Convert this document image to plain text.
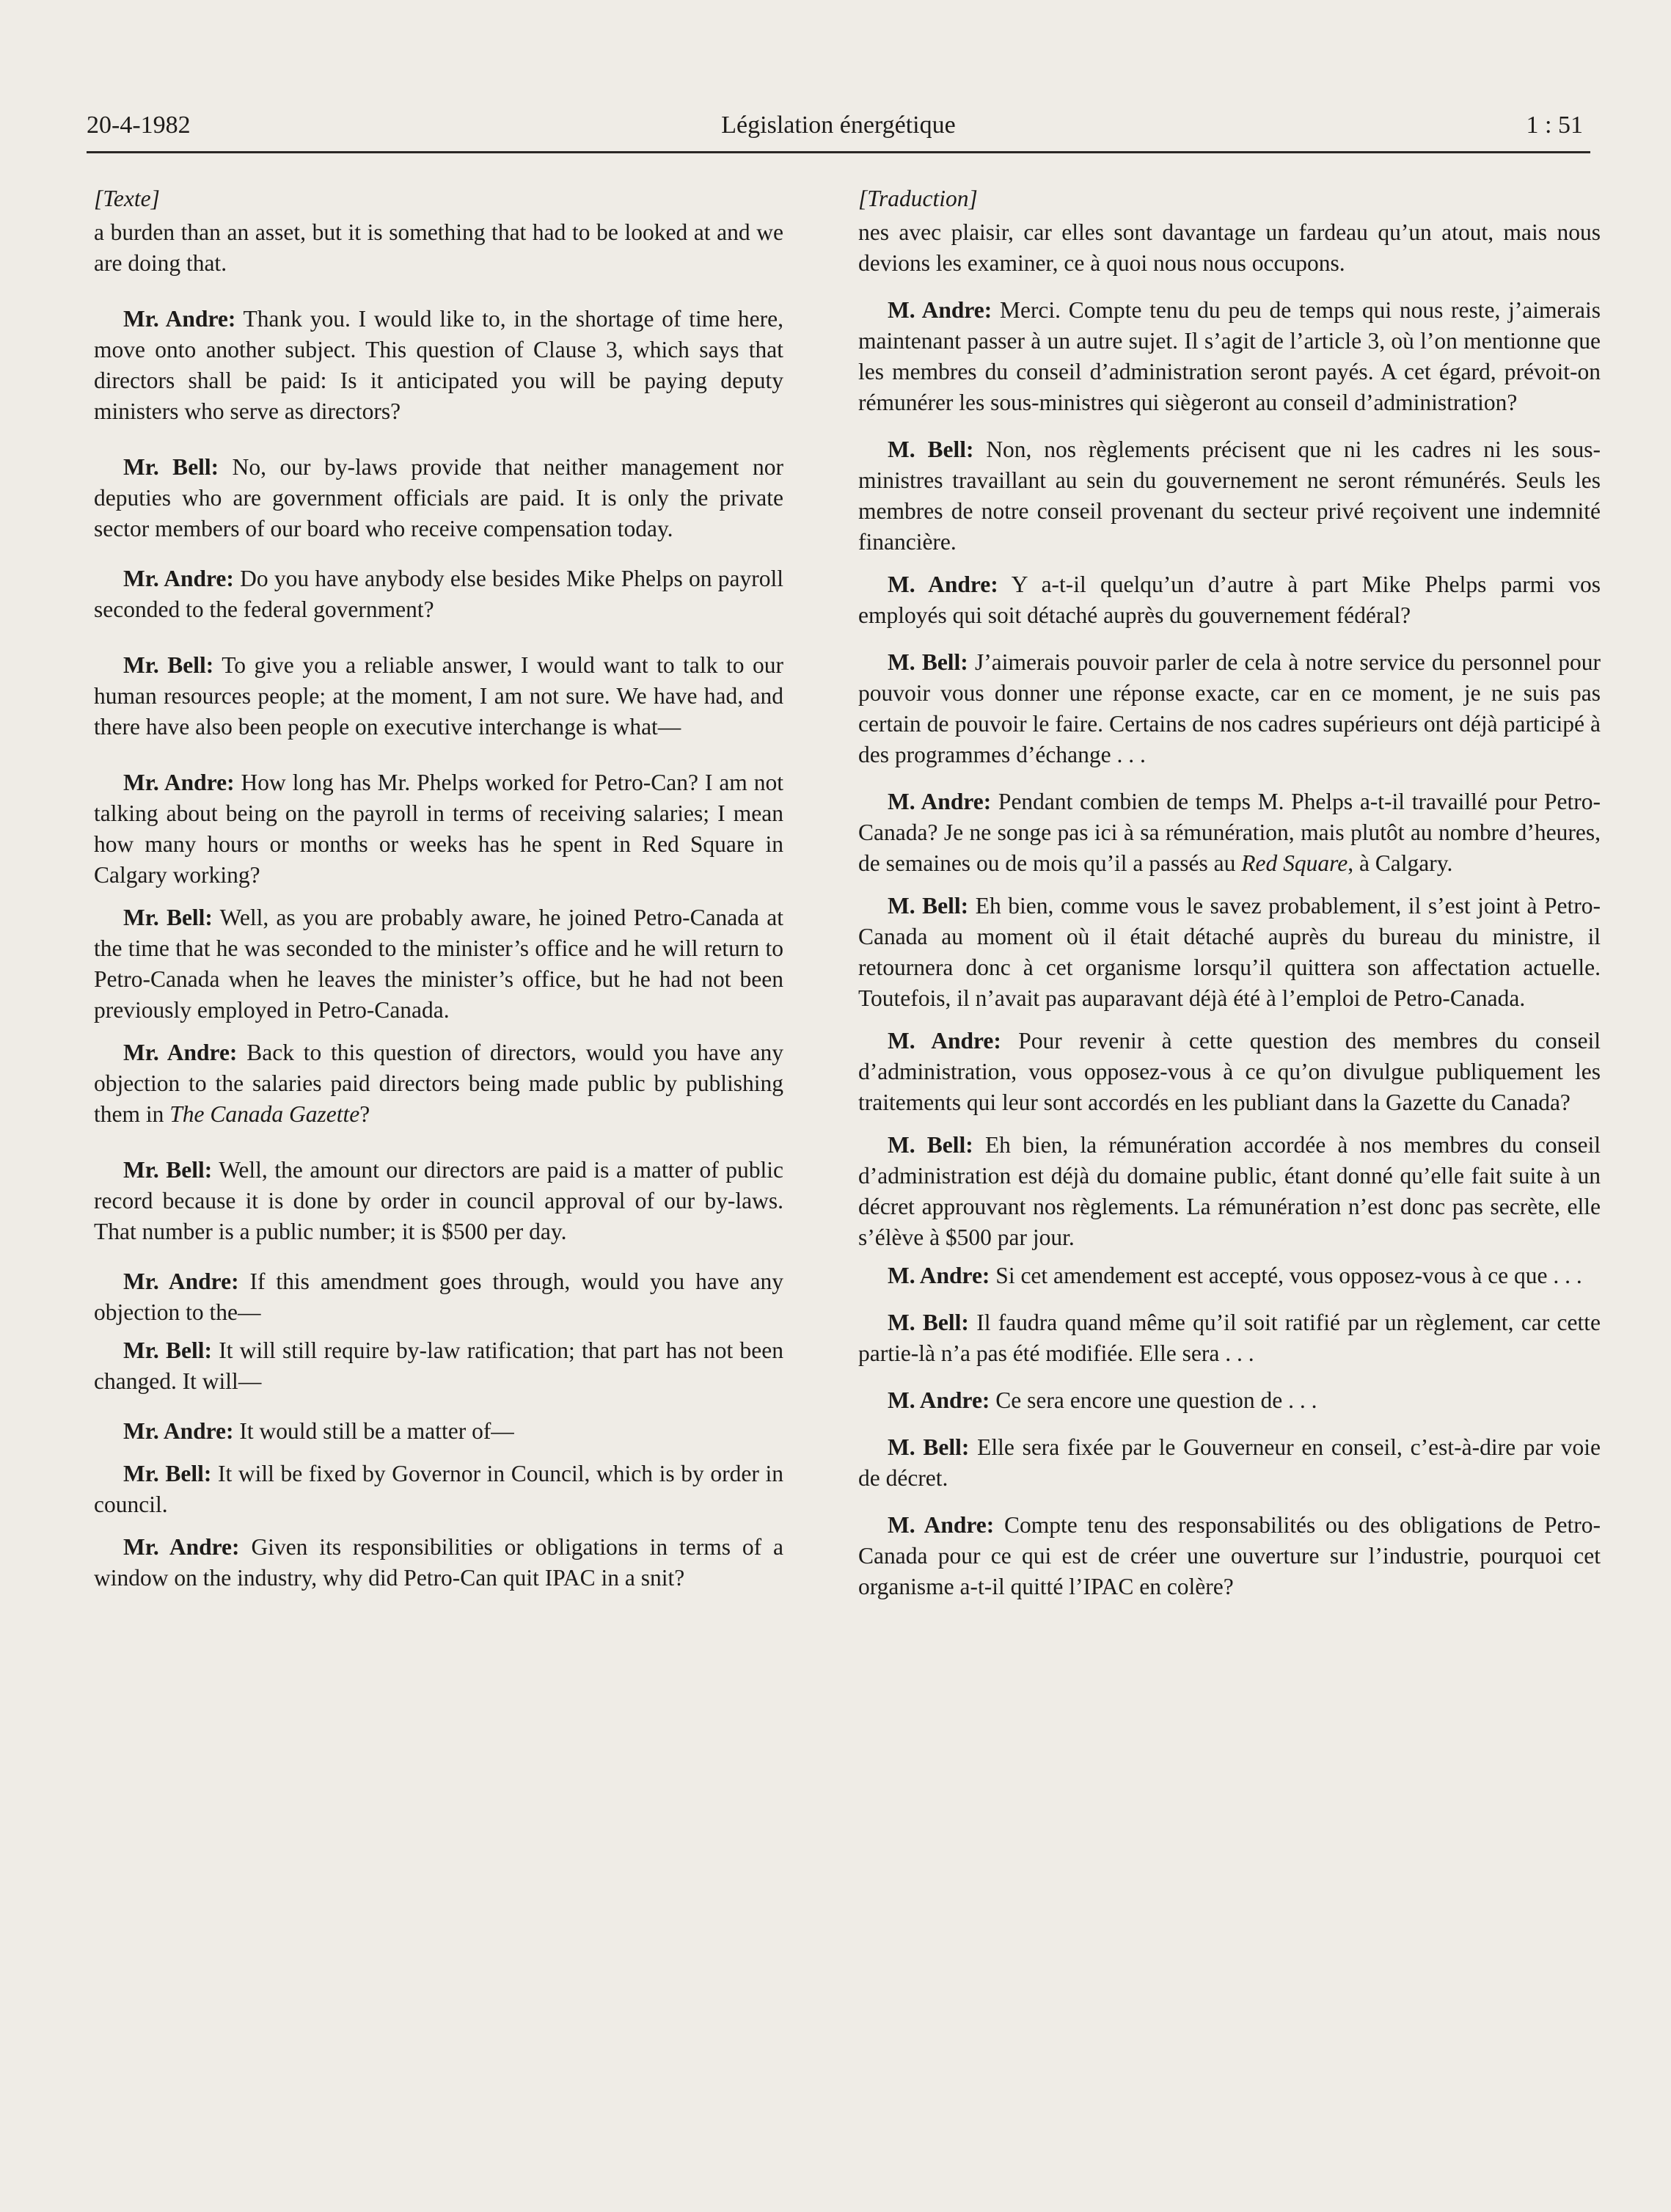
20-4-1982	Législation énergétique	1 : 51

[Texte]

a burden than an asset, but it is something that had to be looked at and we are doing that.

Mr. Andre: Thank you. I would like to, in the shortage of time here, move onto another subject. This question of Clause 3, which says that directors shall be paid: Is it anticipated you will be paying deputy ministers who serve as directors?

Mr. Bell: No, our by-laws provide that neither management nor deputies who are government officials are paid. It is only the private sector members of our board who receive compensation today.

Mr. Andre: Do you have anybody else besides Mike Phelps on payroll seconded to the federal government?

Mr. Bell: To give you a reliable answer, I would want to talk to our human resources people; at the moment, I am not sure. We have had, and there have also been people on executive interchange is what—

Mr. Andre: How long has Mr. Phelps worked for Petro-Can? I am not talking about being on the payroll in terms of receiving salaries; I mean how many hours or months or weeks has he spent in Red Square in Calgary working?

Mr. Bell: Well, as you are probably aware, he joined Petro-Canada at the time that he was seconded to the minister’s office and he will return to Petro-Canada when he leaves the minister’s office, but he had not been previously employed in Petro-Canada.

Mr. Andre: Back to this question of directors, would you have any objection to the salaries paid directors being made public by publishing them in The Canada Gazette?

Mr. Bell: Well, the amount our directors are paid is a matter of public record because it is done by order in council approval of our by-laws. That number is a public number; it is $500 per day.

Mr. Andre: If this amendment goes through, would you have any objection to the—

Mr. Bell: It will still require by-law ratification; that part has not been changed. It will—

Mr. Andre: It would still be a matter of—

Mr. Bell: It will be fixed by Governor in Council, which is by order in council.

Mr. Andre: Given its responsibilities or obligations in terms of a window on the industry, why did Petro-Can quit IPAC in a snit?

[Traduction]

nes avec plaisir, car elles sont davantage un fardeau qu’un atout, mais nous devions les examiner, ce à quoi nous nous occupons.

M. Andre: Merci. Compte tenu du peu de temps qui nous reste, j’aimerais maintenant passer à un autre sujet. Il s’agit de l’article 3, où l’on mentionne que les membres du conseil d’administration seront payés. A cet égard, prévoit-on rémunérer les sous-ministres qui siègeront au conseil d’administration?

M. Bell: Non, nos règlements précisent que ni les cadres ni les sous-ministres travaillant au sein du gouvernement ne seront rémunérés. Seuls les membres de notre conseil provenant du secteur privé reçoivent une indemnité financière.

M. Andre: Y a-t-il quelqu’un d’autre à part Mike Phelps parmi vos employés qui soit détaché auprès du gouvernement fédéral?

M. Bell: J’aimerais pouvoir parler de cela à notre service du personnel pour pouvoir vous donner une réponse exacte, car en ce moment, je ne suis pas certain de pouvoir le faire. Certains de nos cadres supérieurs ont déjà participé à des programmes d’échange . . .

M. Andre: Pendant combien de temps M. Phelps a-t-il travaillé pour Petro-Canada? Je ne songe pas ici à sa rémunération, mais plutôt au nombre d’heures, de semaines ou de mois qu’il a passés au Red Square, à Calgary.

M. Bell: Eh bien, comme vous le savez probablement, il s’est joint à Petro-Canada au moment où il était détaché auprès du bureau du ministre, il retournera donc à cet organisme lorsqu’il quittera son affectation actuelle. Toutefois, il n’avait pas auparavant déjà été à l’emploi de Petro-Canada.

M. Andre: Pour revenir à cette question des membres du conseil d’administration, vous opposez-vous à ce qu’on divulgue publiquement les traitements qui leur sont accordés en les publiant dans la Gazette du Canada?

M. Bell: Eh bien, la rémunération accordée à nos membres du conseil d’administration est déjà du domaine public, étant donné qu’elle fait suite à un décret approuvant nos règlements. La rémunération n’est donc pas secrète, elle s’élève à $500 par jour.

M. Andre: Si cet amendement est accepté, vous opposez-vous à ce que . . .

M. Bell: Il faudra quand même qu’il soit ratifié par un règlement, car cette partie-là n’a pas été modifiée. Elle sera . . .

M. Andre: Ce sera encore une question de . . .

M. Bell: Elle sera fixée par le Gouverneur en conseil, c’est-à-dire par voie de décret.

M. Andre: Compte tenu des responsabilités ou des obligations de Petro-Canada pour ce qui est de créer une ouverture sur l’industrie, pourquoi cet organisme a-t-il quitté l’IPAC en colère?
